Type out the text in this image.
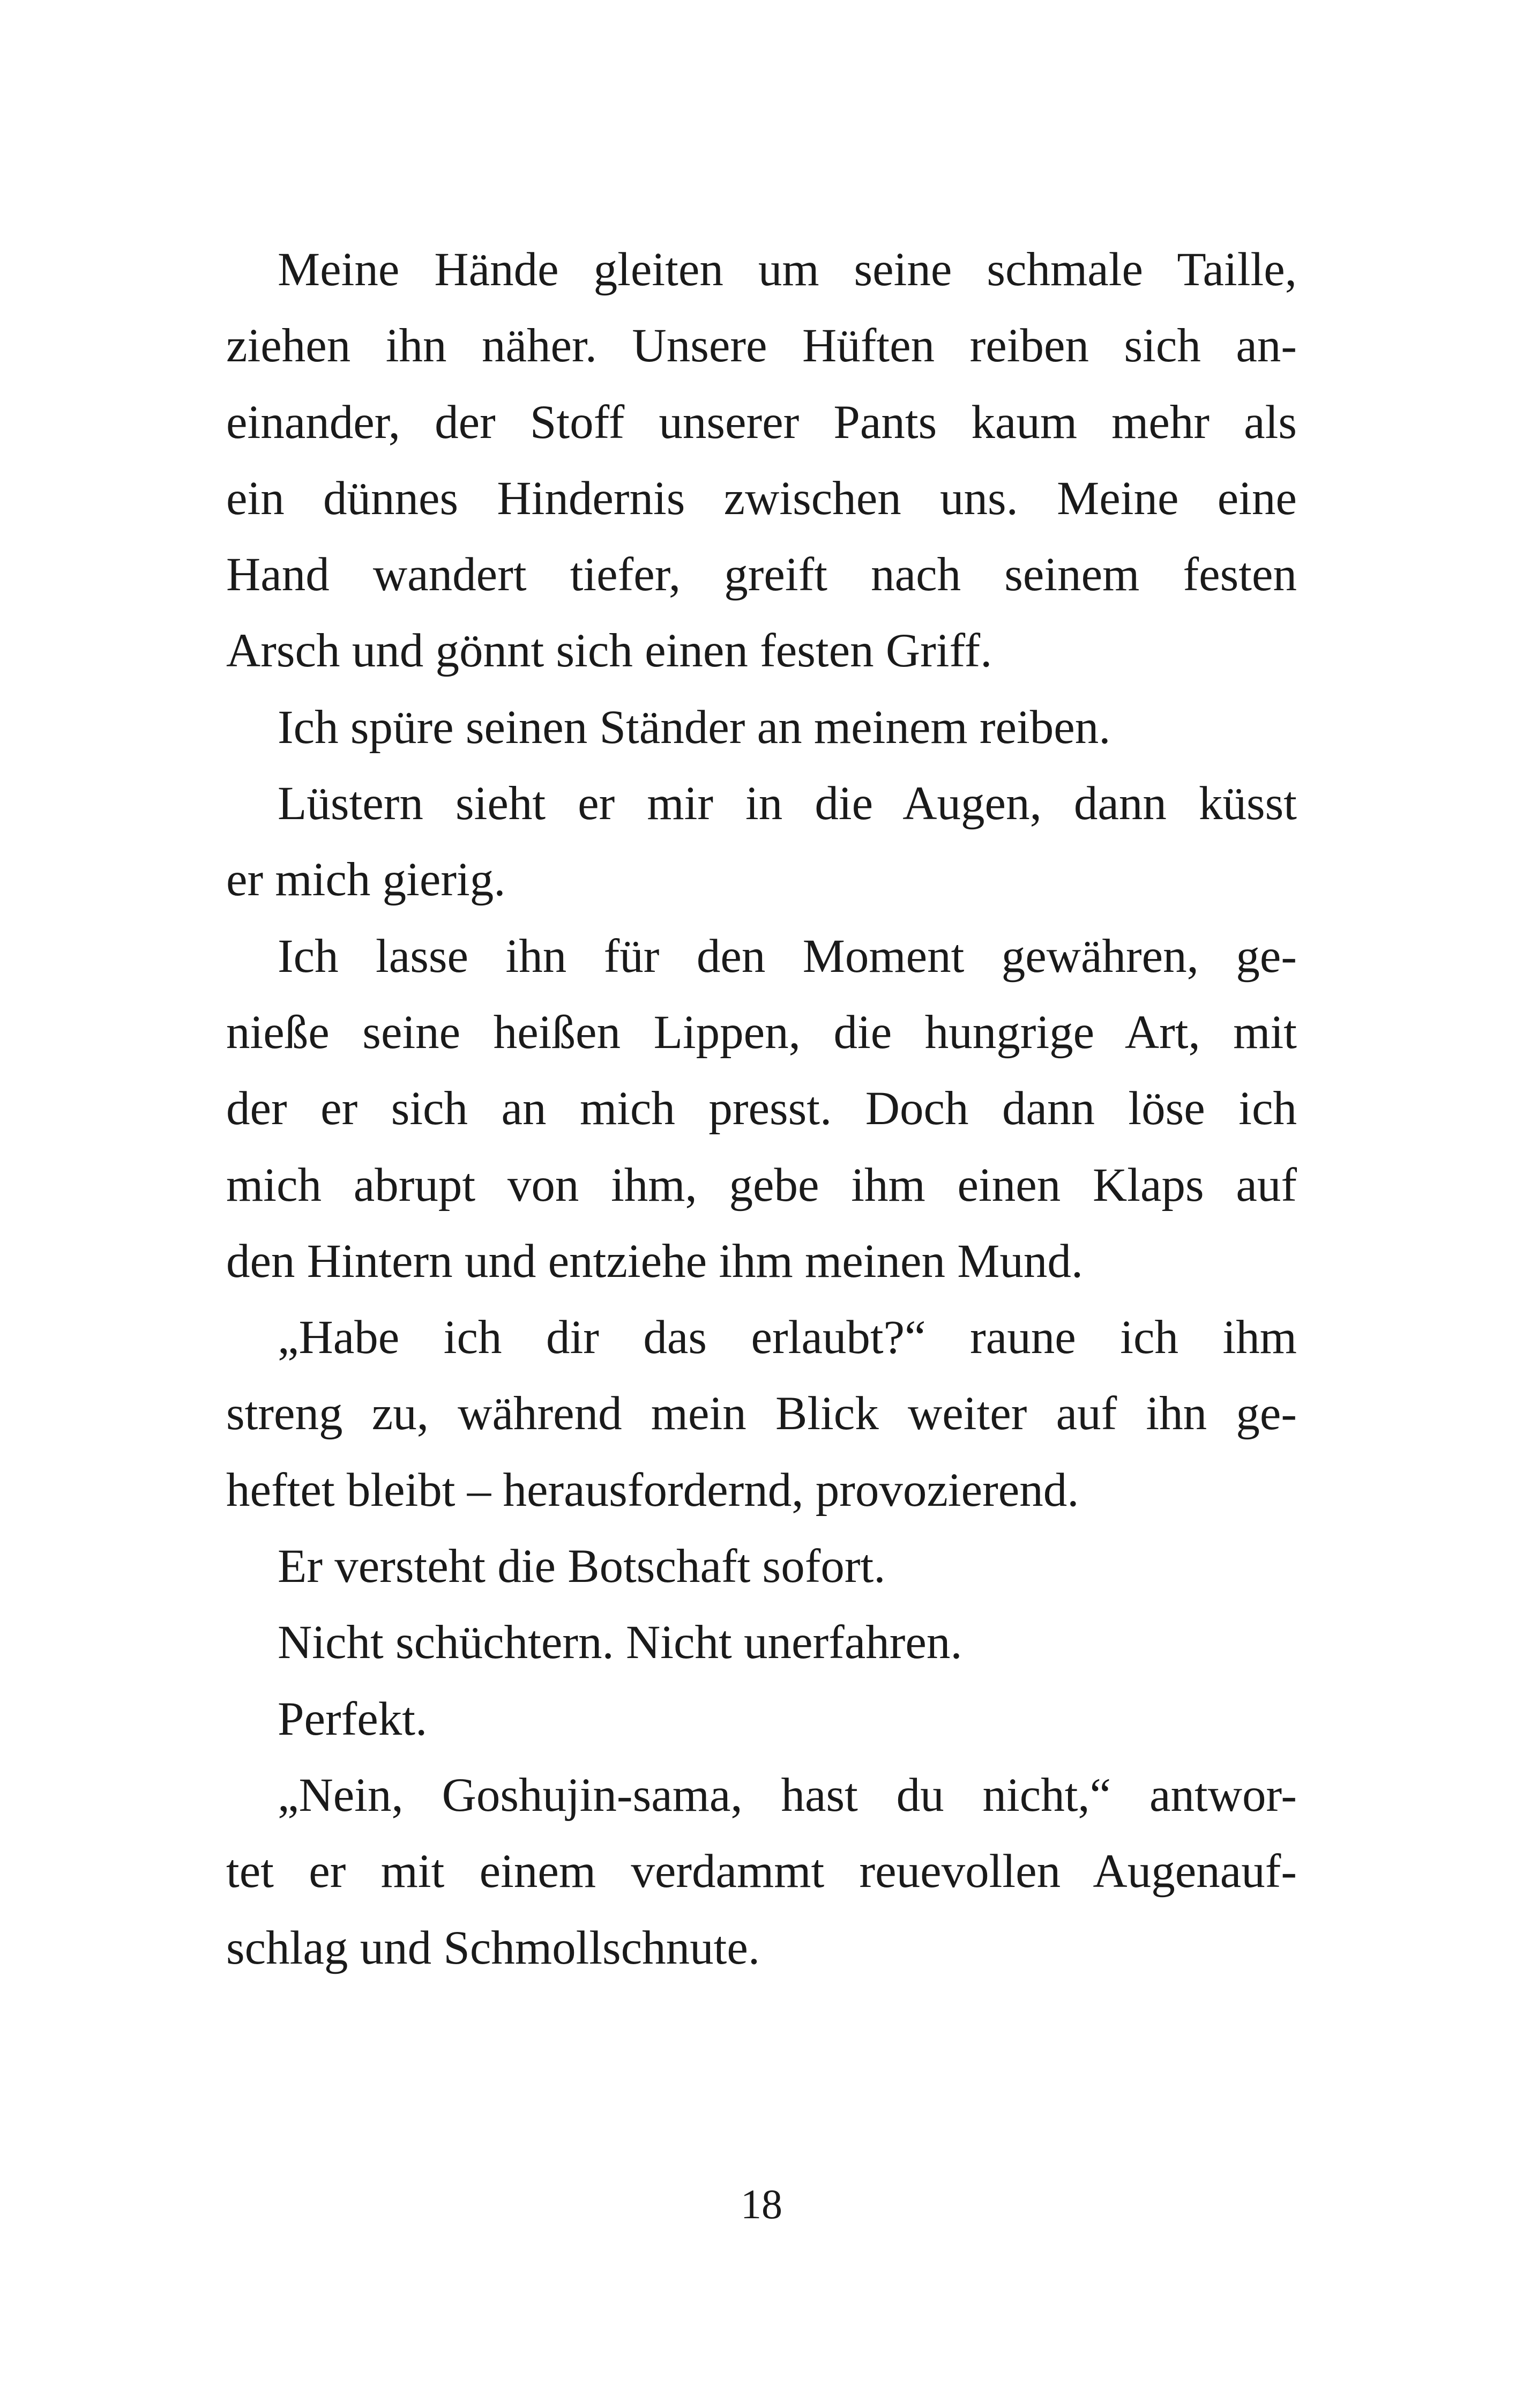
Meine Hände gleiten um seine schmale Taille,
ziehen ihn näher. Unsere Hüften reiben sich an-
einander, der Stoff unserer Pants kaum mehr als
ein dünnes Hindernis zwischen uns. Meine eine
Hand wandert tiefer, greift nach seinem festen
Arsch und gönnt sich einen festen Griff.
Ich spüre seinen Ständer an meinem reiben.
Lüstern sieht er mir in die Augen, dann küsst
er mich gierig.
Ich lasse ihn für den Moment gewähren, ge-
nieße seine heißen Lippen, die hungrige Art, mit
der er sich an mich presst. Doch dann löse ich
mich abrupt von ihm, gebe ihm einen Klaps auf
den Hintern und entziehe ihm meinen Mund.
„Habe ich dir das erlaubt?“ raune ich ihm
streng zu, während mein Blick weiter auf ihn ge-
heftet bleibt – herausfordernd, provozierend.
Er versteht die Botschaft sofort.
Nicht schüchtern. Nicht unerfahren.
Perfekt.
„Nein, Goshujin-sama, hast du nicht,“ antwor-
tet er mit einem verdammt reuevollen Augenauf-
schlag und Schmollschnute.
18
